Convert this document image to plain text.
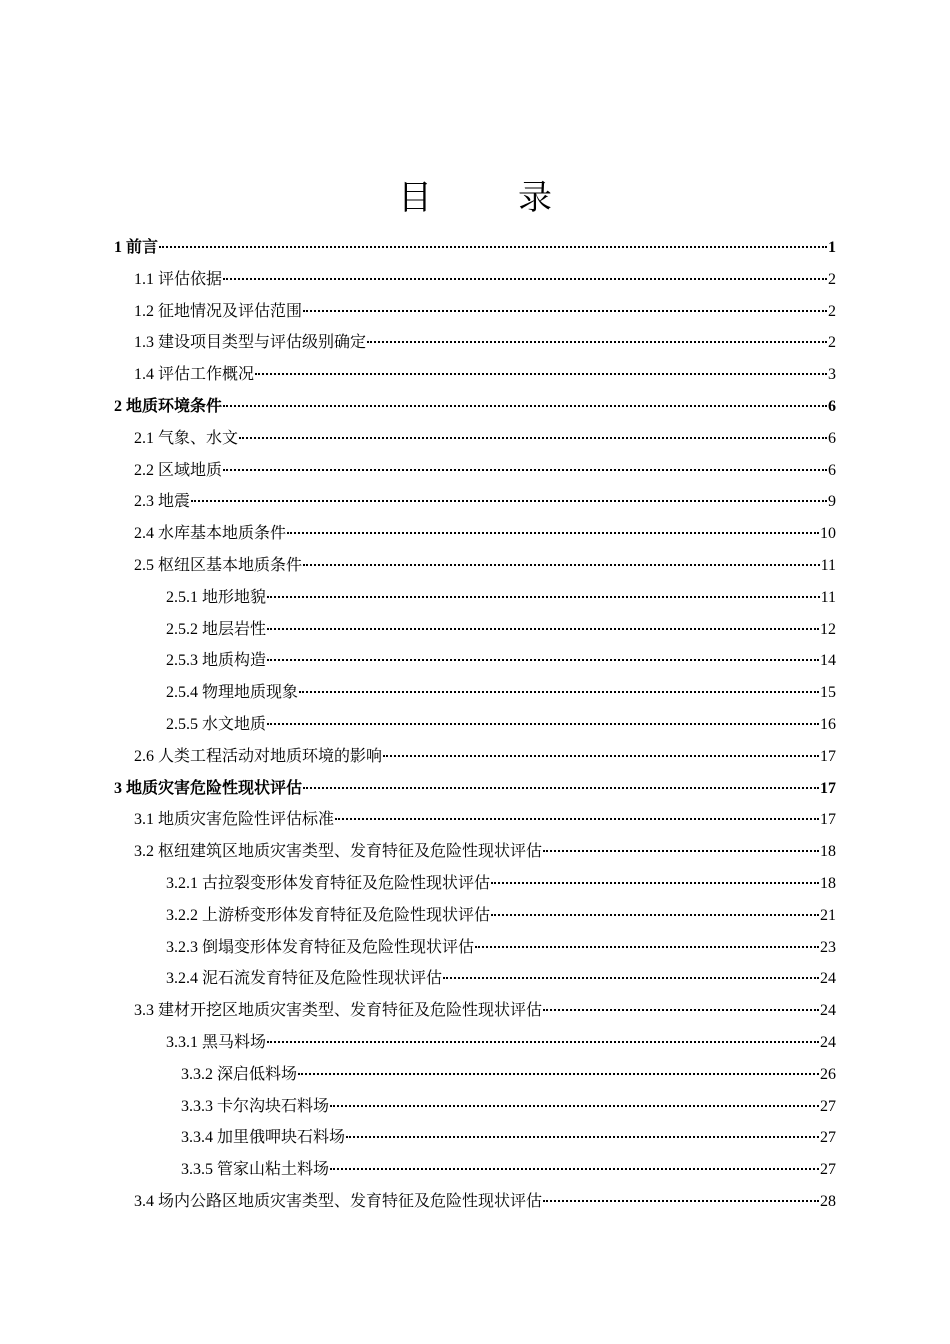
目　录
1 前言	1
1.1 评估依据	2
1.2 征地情况及评估范围	2
1.3 建设项目类型与评估级别确定	2
1.4 评估工作概况	3
2 地质环境条件	6
2.1 气象、水文	6
2.2 区域地质	6
2.3 地震	9
2.4 水库基本地质条件	10
2.5 枢纽区基本地质条件	11
2.5.1 地形地貌	11
2.5.2 地层岩性	12
2.5.3 地质构造	14
2.5.4 物理地质现象	15
2.5.5 水文地质	16
2.6 人类工程活动对地质环境的影响	17
3 地质灾害危险性现状评估	17
3.1 地质灾害危险性评估标准	17
3.2 枢纽建筑区地质灾害类型、发育特征及危险性现状评估	18
3.2.1 古拉裂变形体发育特征及危险性现状评估	18
3.2.2 上游桥变形体发育特征及危险性现状评估	21
3.2.3 倒塌变形体发育特征及危险性现状评估	23
3.2.4 泥石流发育特征及危险性现状评估	24
3.3 建材开挖区地质灾害类型、发育特征及危险性现状评估	24
3.3.1 黑马料场	24
3.3.2 深启低料场	26
3.3.3 卡尔沟块石料场	27
3.3.4 加里俄呷块石料场	27
3.3.5 管家山粘土料场	27
3.4 场内公路区地质灾害类型、发育特征及危险性现状评估	28
